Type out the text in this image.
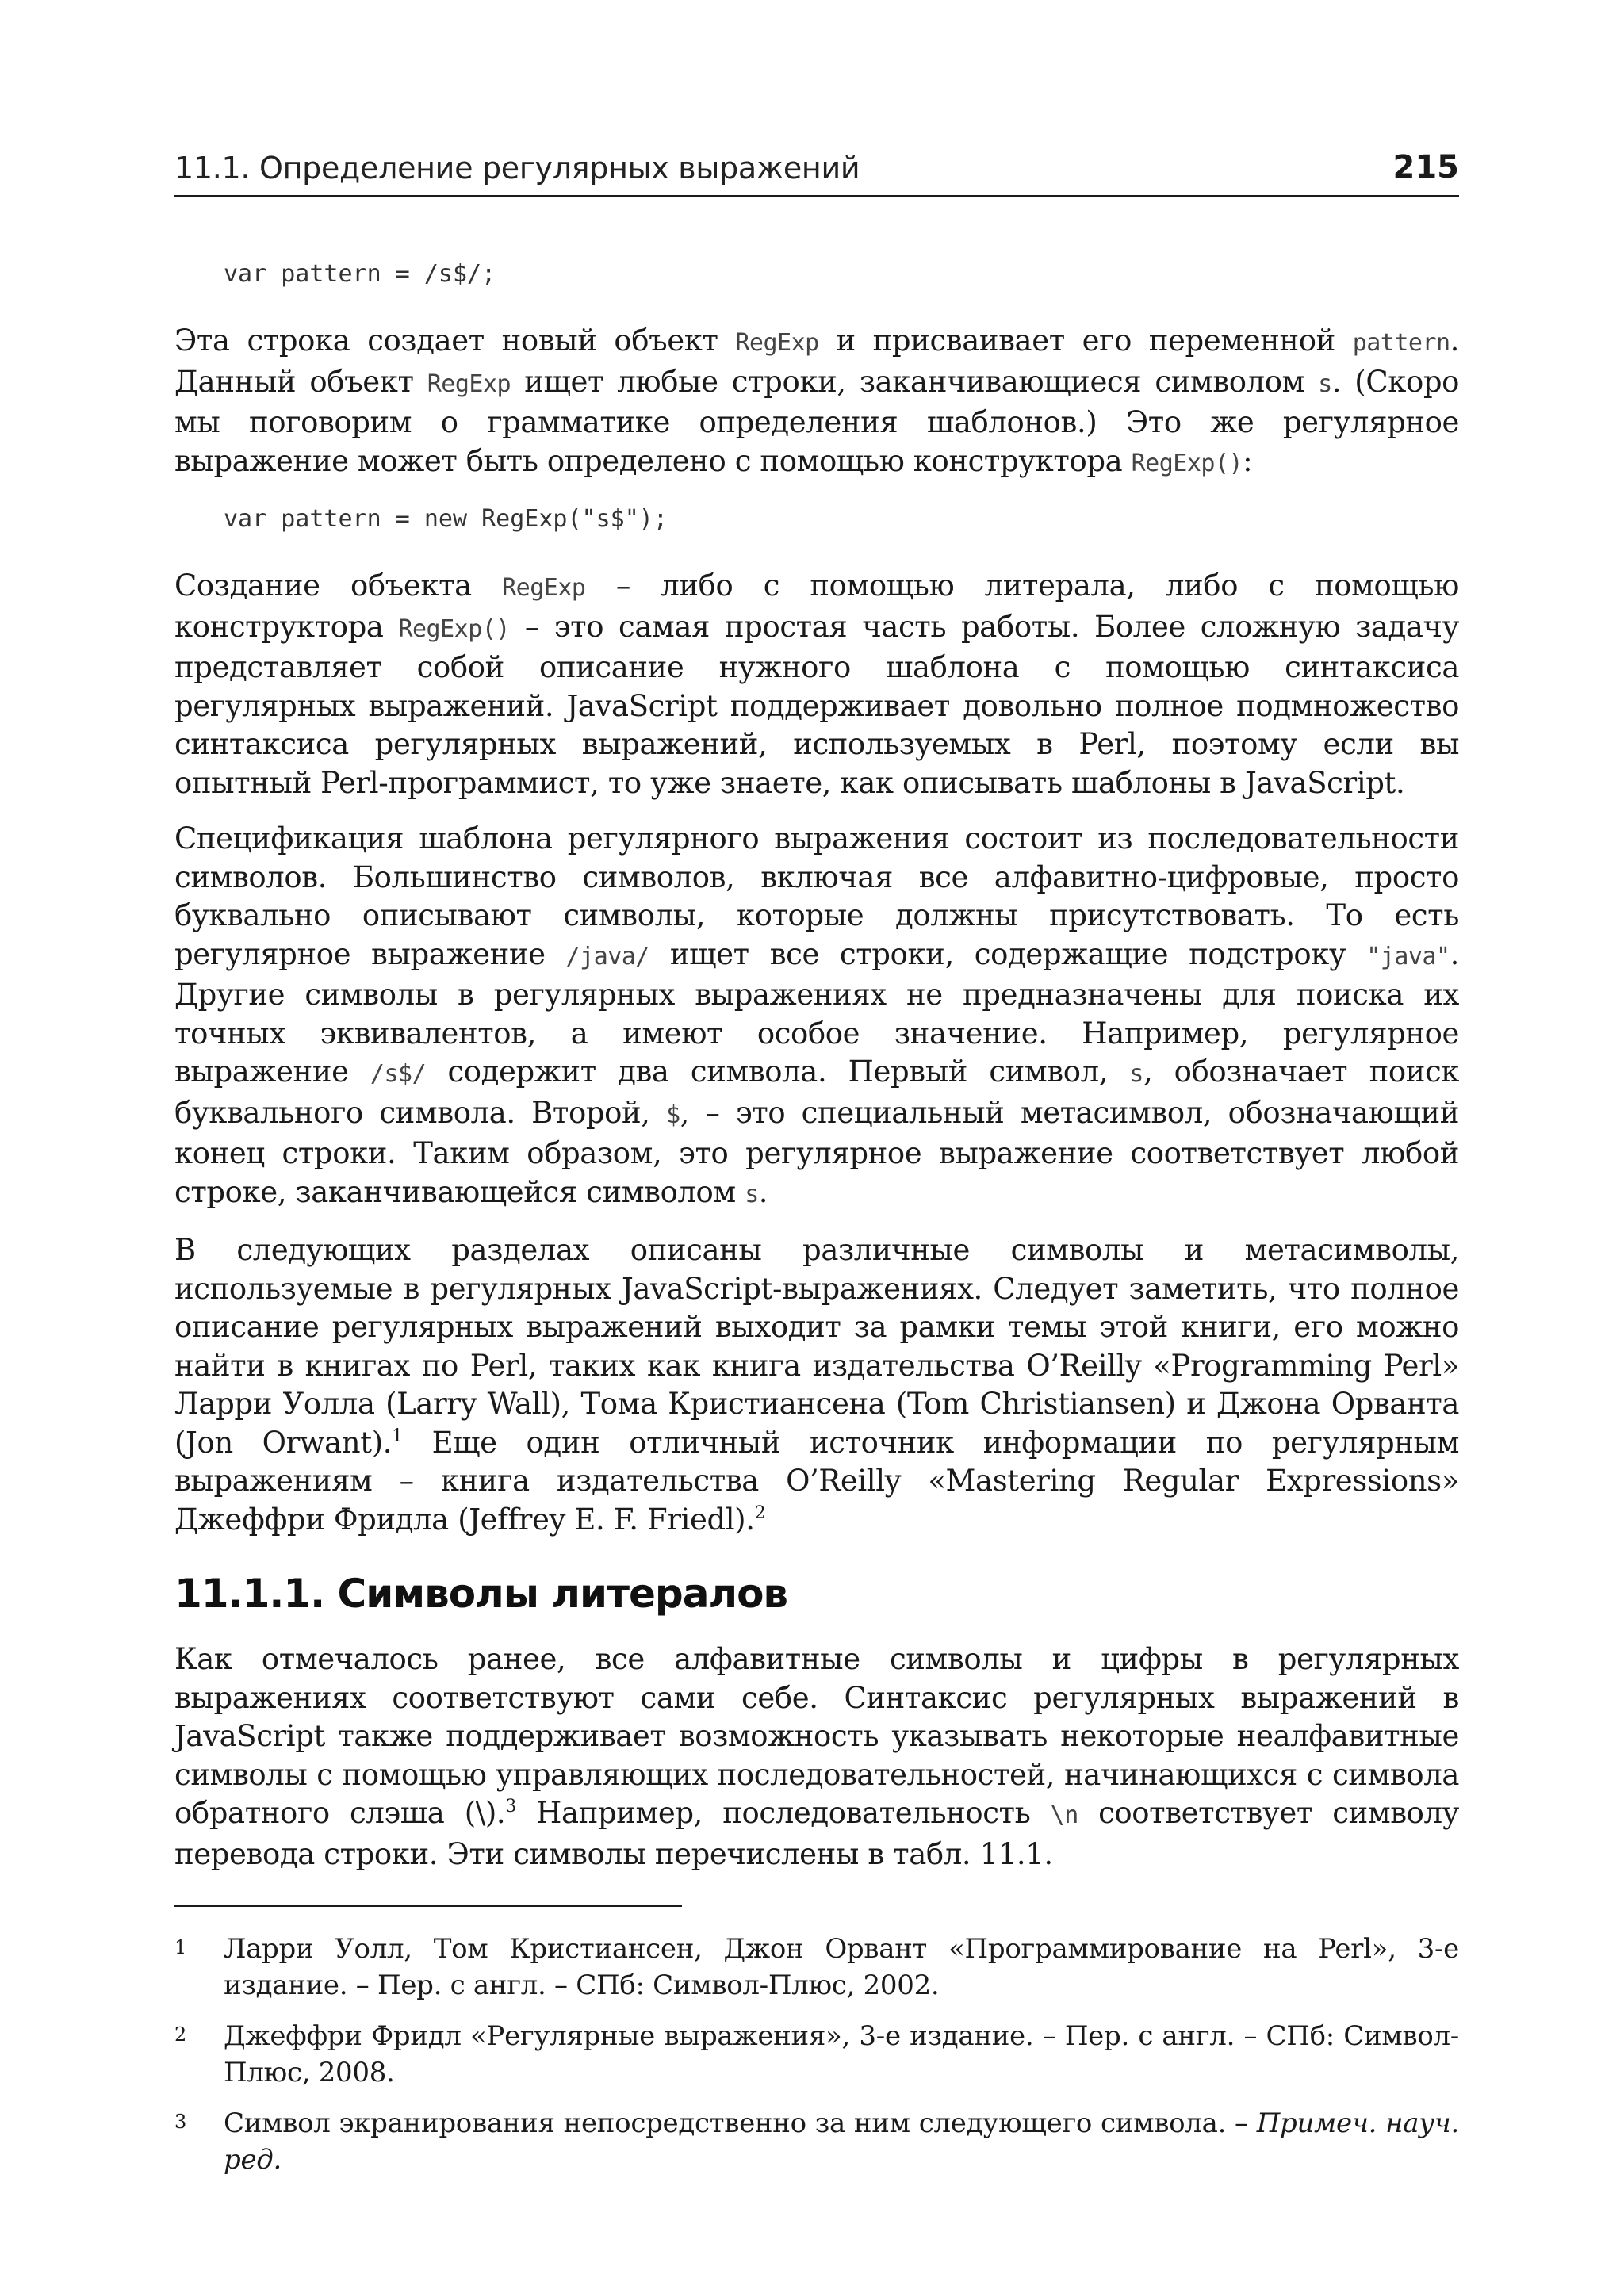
11.1. Определение регулярных выражений	215
var pattern = /s$/;

Эта строка создает новый объект RegExp и присваивает его переменной pattern. Данный объект RegExp ищет любые строки, заканчивающиеся символом s. (Скоро мы поговорим о грамматике определения шаблонов.) Это же регулярное выражение может быть определено с помощью конструктора RegExp():

var pattern = new RegExp("s$");

Создание объекта RegExp – либо с помощью литерала, либо с помощью конструктора RegExp() – это самая простая часть работы. Более сложную задачу представляет собой описание нужного шаблона с помощью синтаксиса регулярных выражений. JavaScript поддерживает довольно полное подмножество синтаксиса регулярных выражений, используемых в Perl, поэтому если вы опытный Perl-программист, то уже знаете, как описывать шаблоны в JavaScript.

Спецификация шаблона регулярного выражения состоит из последовательности символов. Большинство символов, включая все алфавитно-цифровые, просто буквально описывают символы, которые должны присутствовать. То есть регулярное выражение /java/ ищет все строки, содержащие подстроку "java". Другие символы в регулярных выражениях не предназначены для поиска их точных эквивалентов, а имеют особое значение. Например, регулярное выражение /s$/ содержит два символа. Первый символ, s, обозначает поиск буквального символа. Второй, $, – это специальный метасимвол, обозначающий конец строки. Таким образом, это регулярное выражение соответствует любой строке, заканчивающейся символом s.

В следующих разделах описаны различные символы и метасимволы, используемые в регулярных JavaScript-выражениях. Следует заметить, что полное описание регулярных выражений выходит за рамки темы этой книги, его можно найти в книгах по Perl, таких как книга издательства O’Reilly «Programming Perl» Ларри Уолла (Larry Wall), Тома Кристиансена (Tom Christiansen) и Джона Орванта (Jon Orwant).$^1$ Еще один отличный источник информации по регулярным выражениям – книга издательства O’Reilly «Mastering Regular Expressions» Джеффри Фридла (Jeffrey E. F. Friedl).$^2$

11.1.1. Символы литералов

Как отмечалось ранее, все алфавитные символы и цифры в регулярных выражениях соответствуют сами себе. Синтаксис регулярных выражений в JavaScript также поддерживает возможность указывать некоторые неалфавитные символы с помощью управляющих последовательностей, начинающихся с символа обратного слэша (\).$^3$ Например, последовательность \n соответствует символу перевода строки. Эти символы перечислены в табл. 11.1.

1 Ларри Уолл, Том Кристиансен, Джон Орвант «Программирование на Perl», 3-е издание. – Пер. с англ. – СПб: Символ-Плюс, 2002.
2 Джеффри Фридл «Регулярные выражения», 3-е издание. – Пер. с англ. – СПб: Символ-Плюс, 2008.
3 Символ экранирования непосредственно за ним следующего символа. – Примеч. науч. ред.
